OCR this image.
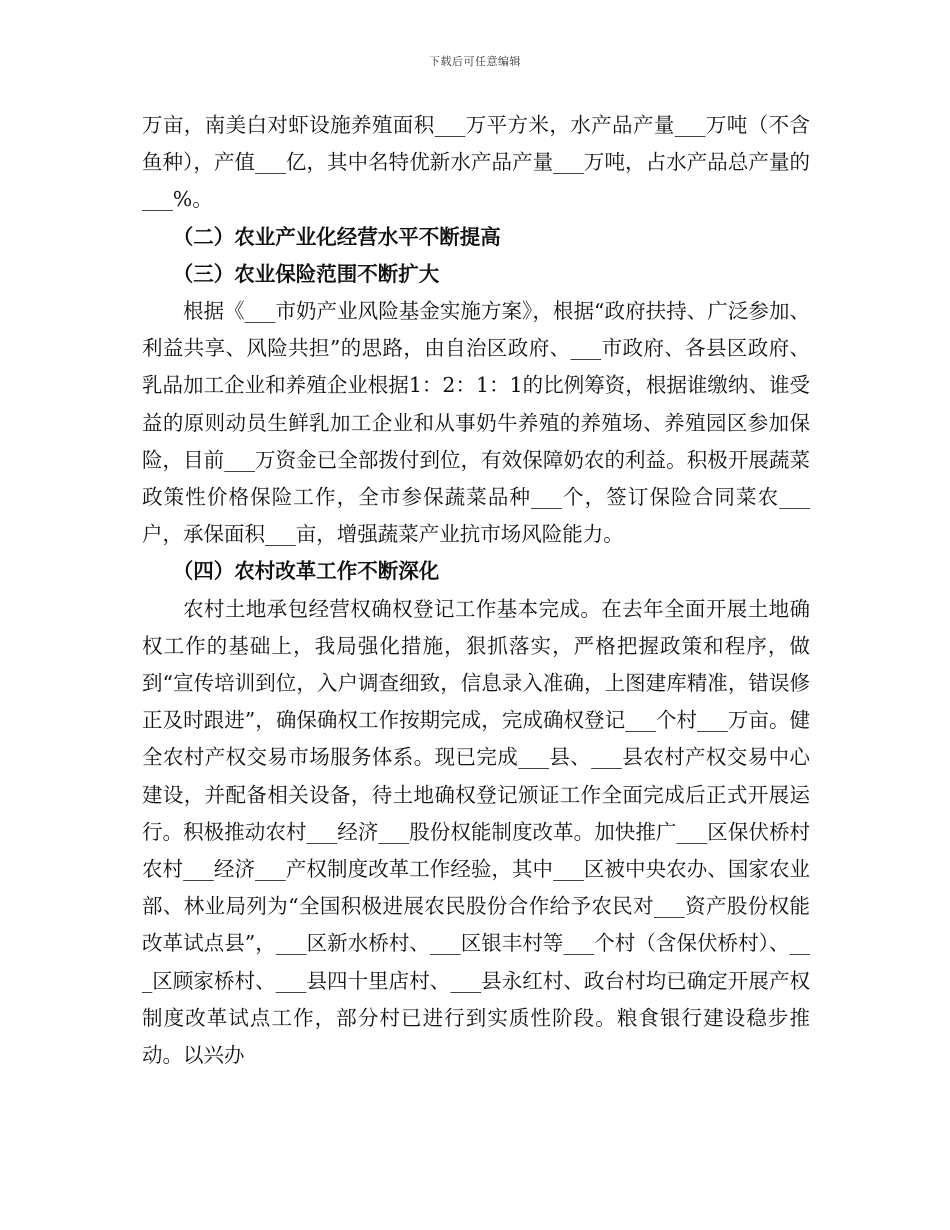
下载后可任意编辑

万亩，南美白对虾设施养殖面积___万平方米，水产品产量___万吨（不含鱼种），产值___亿，其中名特优新水产品产量___万吨，占水产品总产量的___%。

（二）农业产业化经营水平不断提高

（三）农业保险范围不断扩大

根据《___市奶产业风险基金实施方案》，根据“政府扶持、广泛参加、利益共享、风险共担”的思路，由自治区政府、___市政府、各县区政府、乳品加工企业和养殖企业根据1：2：1：1的比例筹资，根据谁缴纳、谁受益的原则动员生鲜乳加工企业和从事奶牛养殖的养殖场、养殖园区参加保险，目前___万资金已全部拨付到位，有效保障奶农的利益。积极开展蔬菜政策性价格保险工作，全市参保蔬菜品种___个，签订保险合同菜农___户，承保面积___亩，增强蔬菜产业抗市场风险能力。

（四）农村改革工作不断深化

农村土地承包经营权确权登记工作基本完成。在去年全面开展土地确权工作的基础上，我局强化措施，狠抓落实，严格把握政策和程序，做到“宣传培训到位，入户调查细致，信息录入准确，上图建库精准，错误修正及时跟进”，确保确权工作按期完成，完成确权登记___个村___万亩。健全农村产权交易市场服务体系。现已完成___县、___县农村产权交易中心建设，并配备相关设备，待土地确权登记颁证工作全面完成后正式开展运行。积极推动农村___经济___股份权能制度改革。加快推广___区保伏桥村农村___经济___产权制度改革工作经验，其中___区被中央农办、国家农业部、林业局列为“全国积极进展农民股份合作给予农民对___资产股份权能改革试点县”，___区新水桥村、___区银丰村等___个村（含保伏桥村）、___区顾家桥村、___县四十里店村、___县永红村、政台村均已确定开展产权制度改革试点工作，部分村已进行到实质性阶段。粮食银行建设稳步推动。以兴办
